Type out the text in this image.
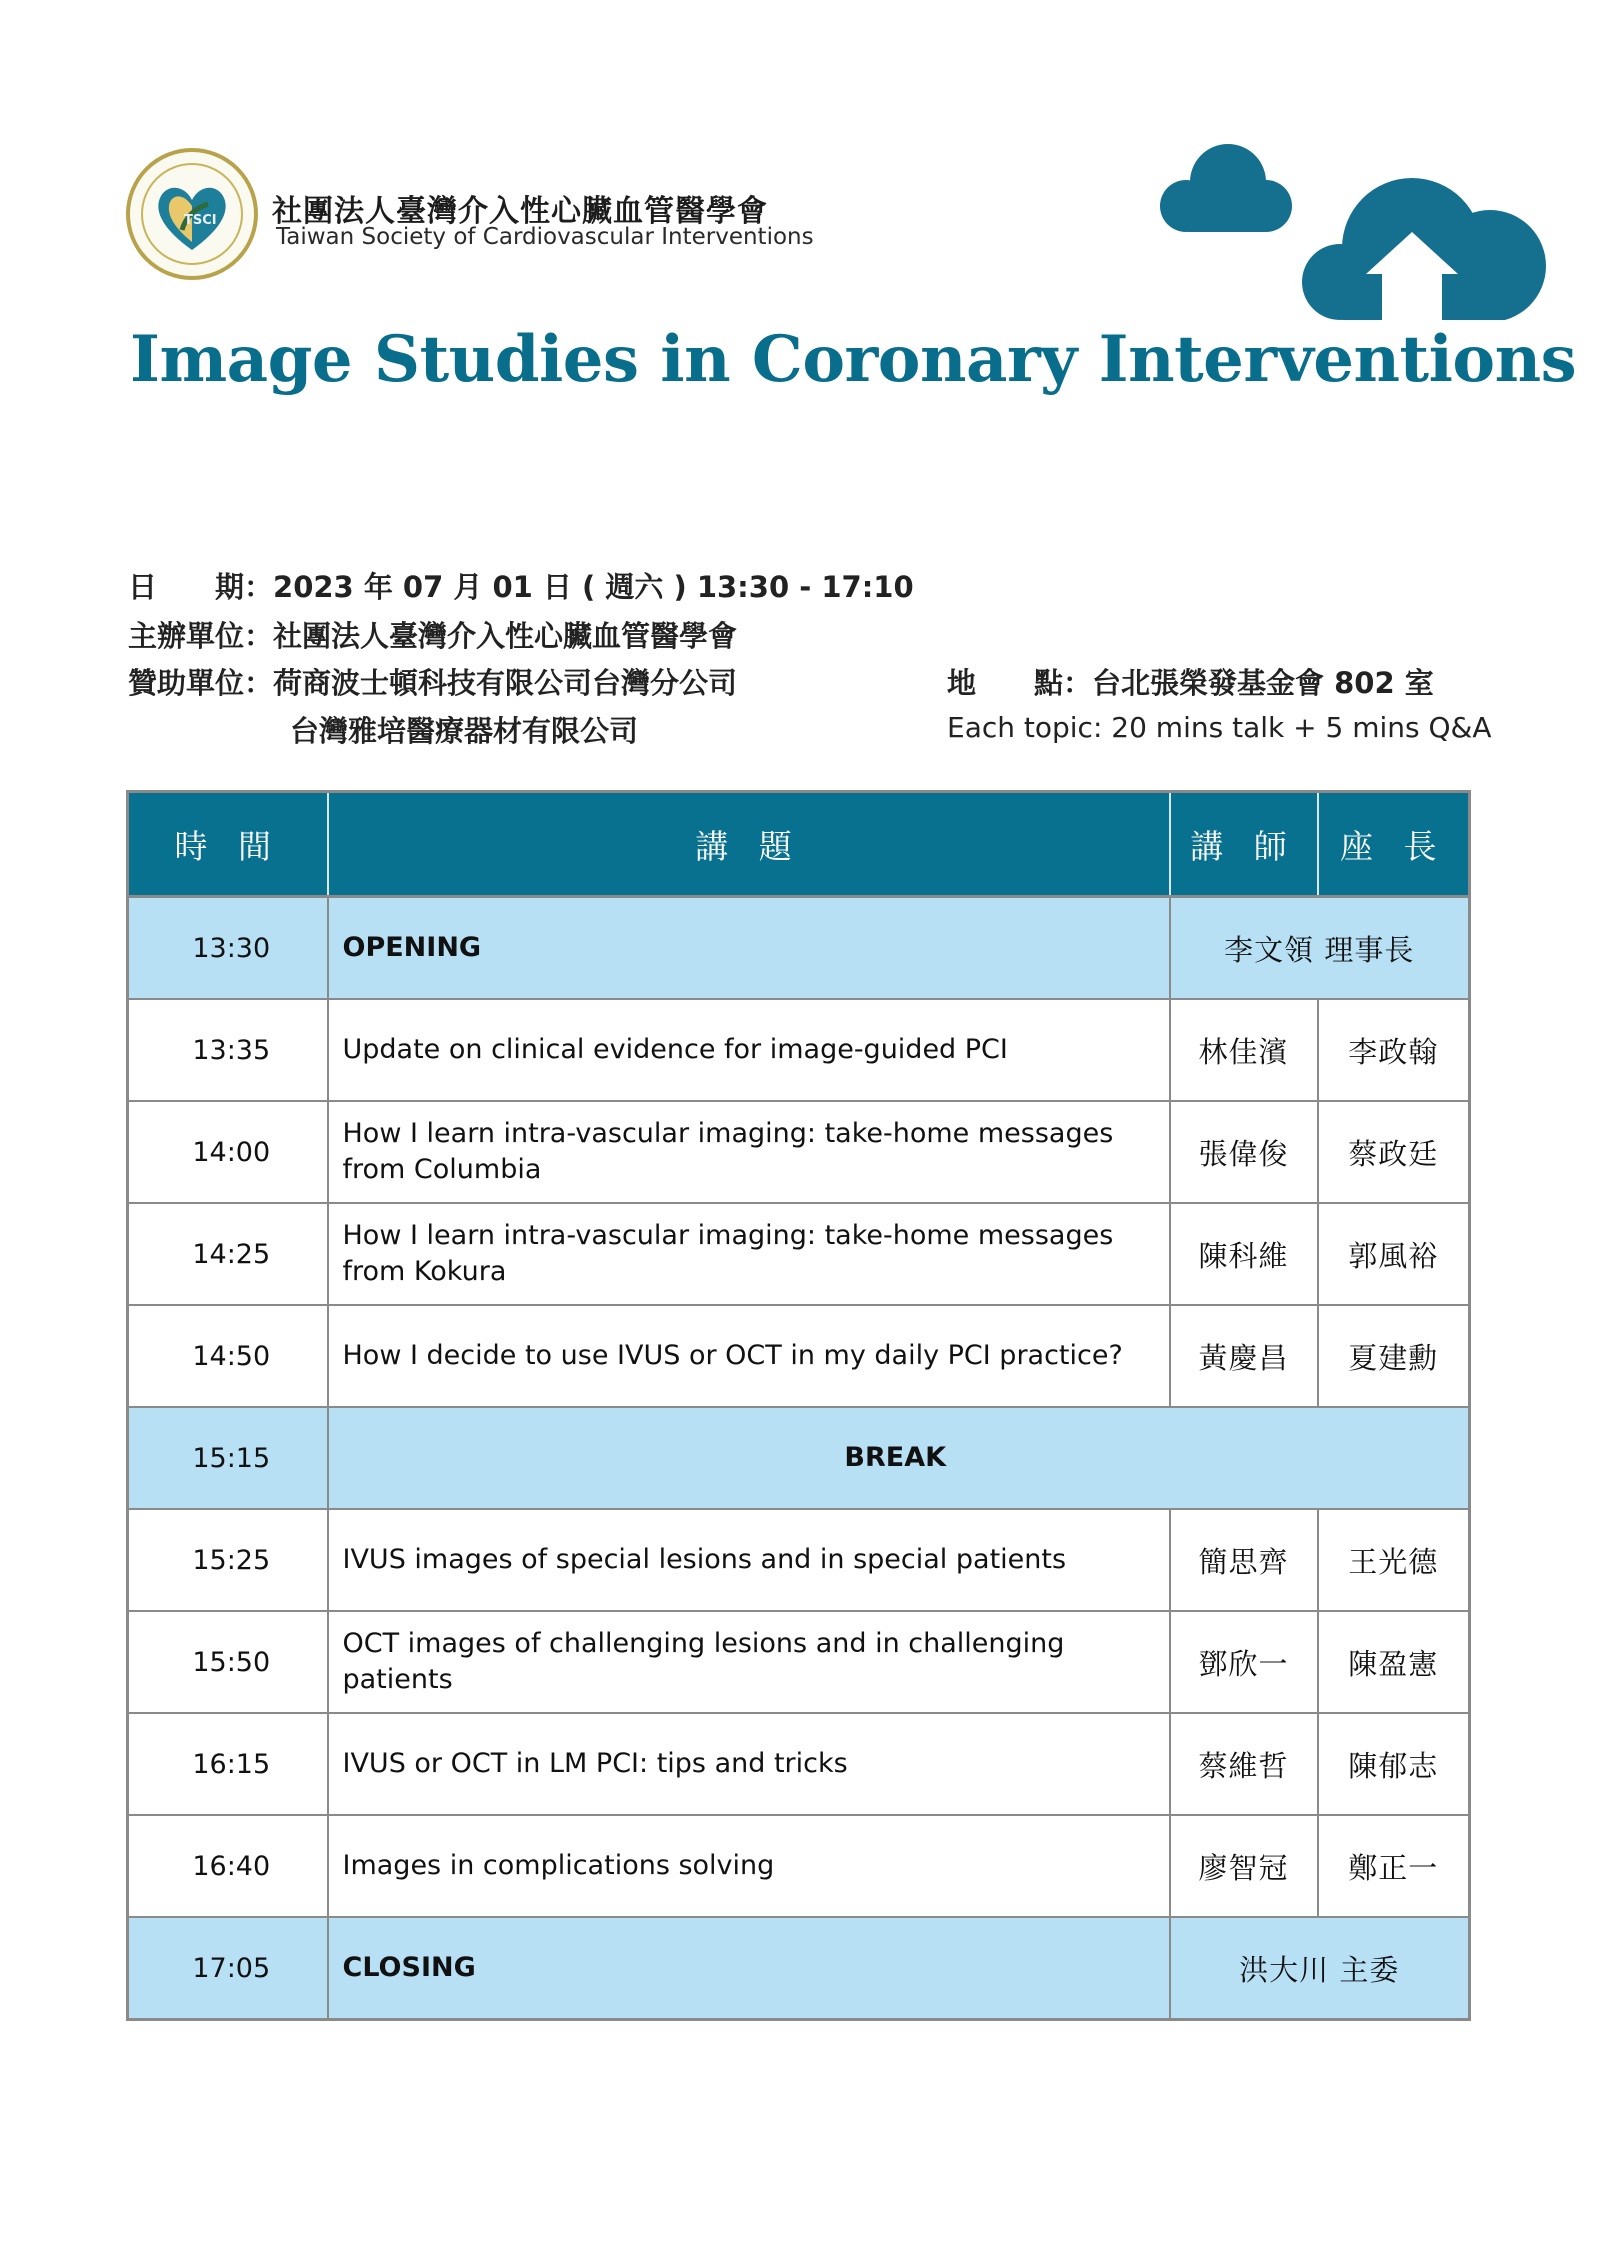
TSCI 社團法人臺灣介入性心臟血管醫學會
Taiwan Society of Cardiovascular Interventions
Image Studies in Coronary Interventions
日　　期：2023 年 07 月 01 日 ( 週六 ) 13:30 - 17:10
主辦單位：社團法人臺灣介入性心臟血管醫學會
贊助單位：荷商波士頓科技有限公司台灣分公司
台灣雅培醫療器材有限公司
地　　點：台北張榮發基金會 802 室
Each topic: 20 mins talk + 5 mins Q&A
時 間	講 題	講 師	座 長
13:30	OPENING	李文領 理事長	
13:35	Update on clinical evidence for image-guided PCI	林佳濱	李政翰
14:00	How I learn intra-vascular imaging: take-home messages from Columbia	張偉俊	蔡政廷
14:25	How I learn intra-vascular imaging: take-home messages from Kokura	陳科維	郭風裕
14:50	How I decide to use IVUS or OCT in my daily PCI practice?	黃慶昌	夏建勳
15:15	BREAK		
15:25	IVUS images of special lesions and in special patients	簡思齊	王光德
15:50	OCT images of challenging lesions and in challenging patients	鄧欣一	陳盈憲
16:15	IVUS or OCT in LM PCI: tips and tricks	蔡維哲	陳郁志
16:40	Images in complications solving	廖智冠	鄭正一
17:05	CLOSING	洪大川 主委	
